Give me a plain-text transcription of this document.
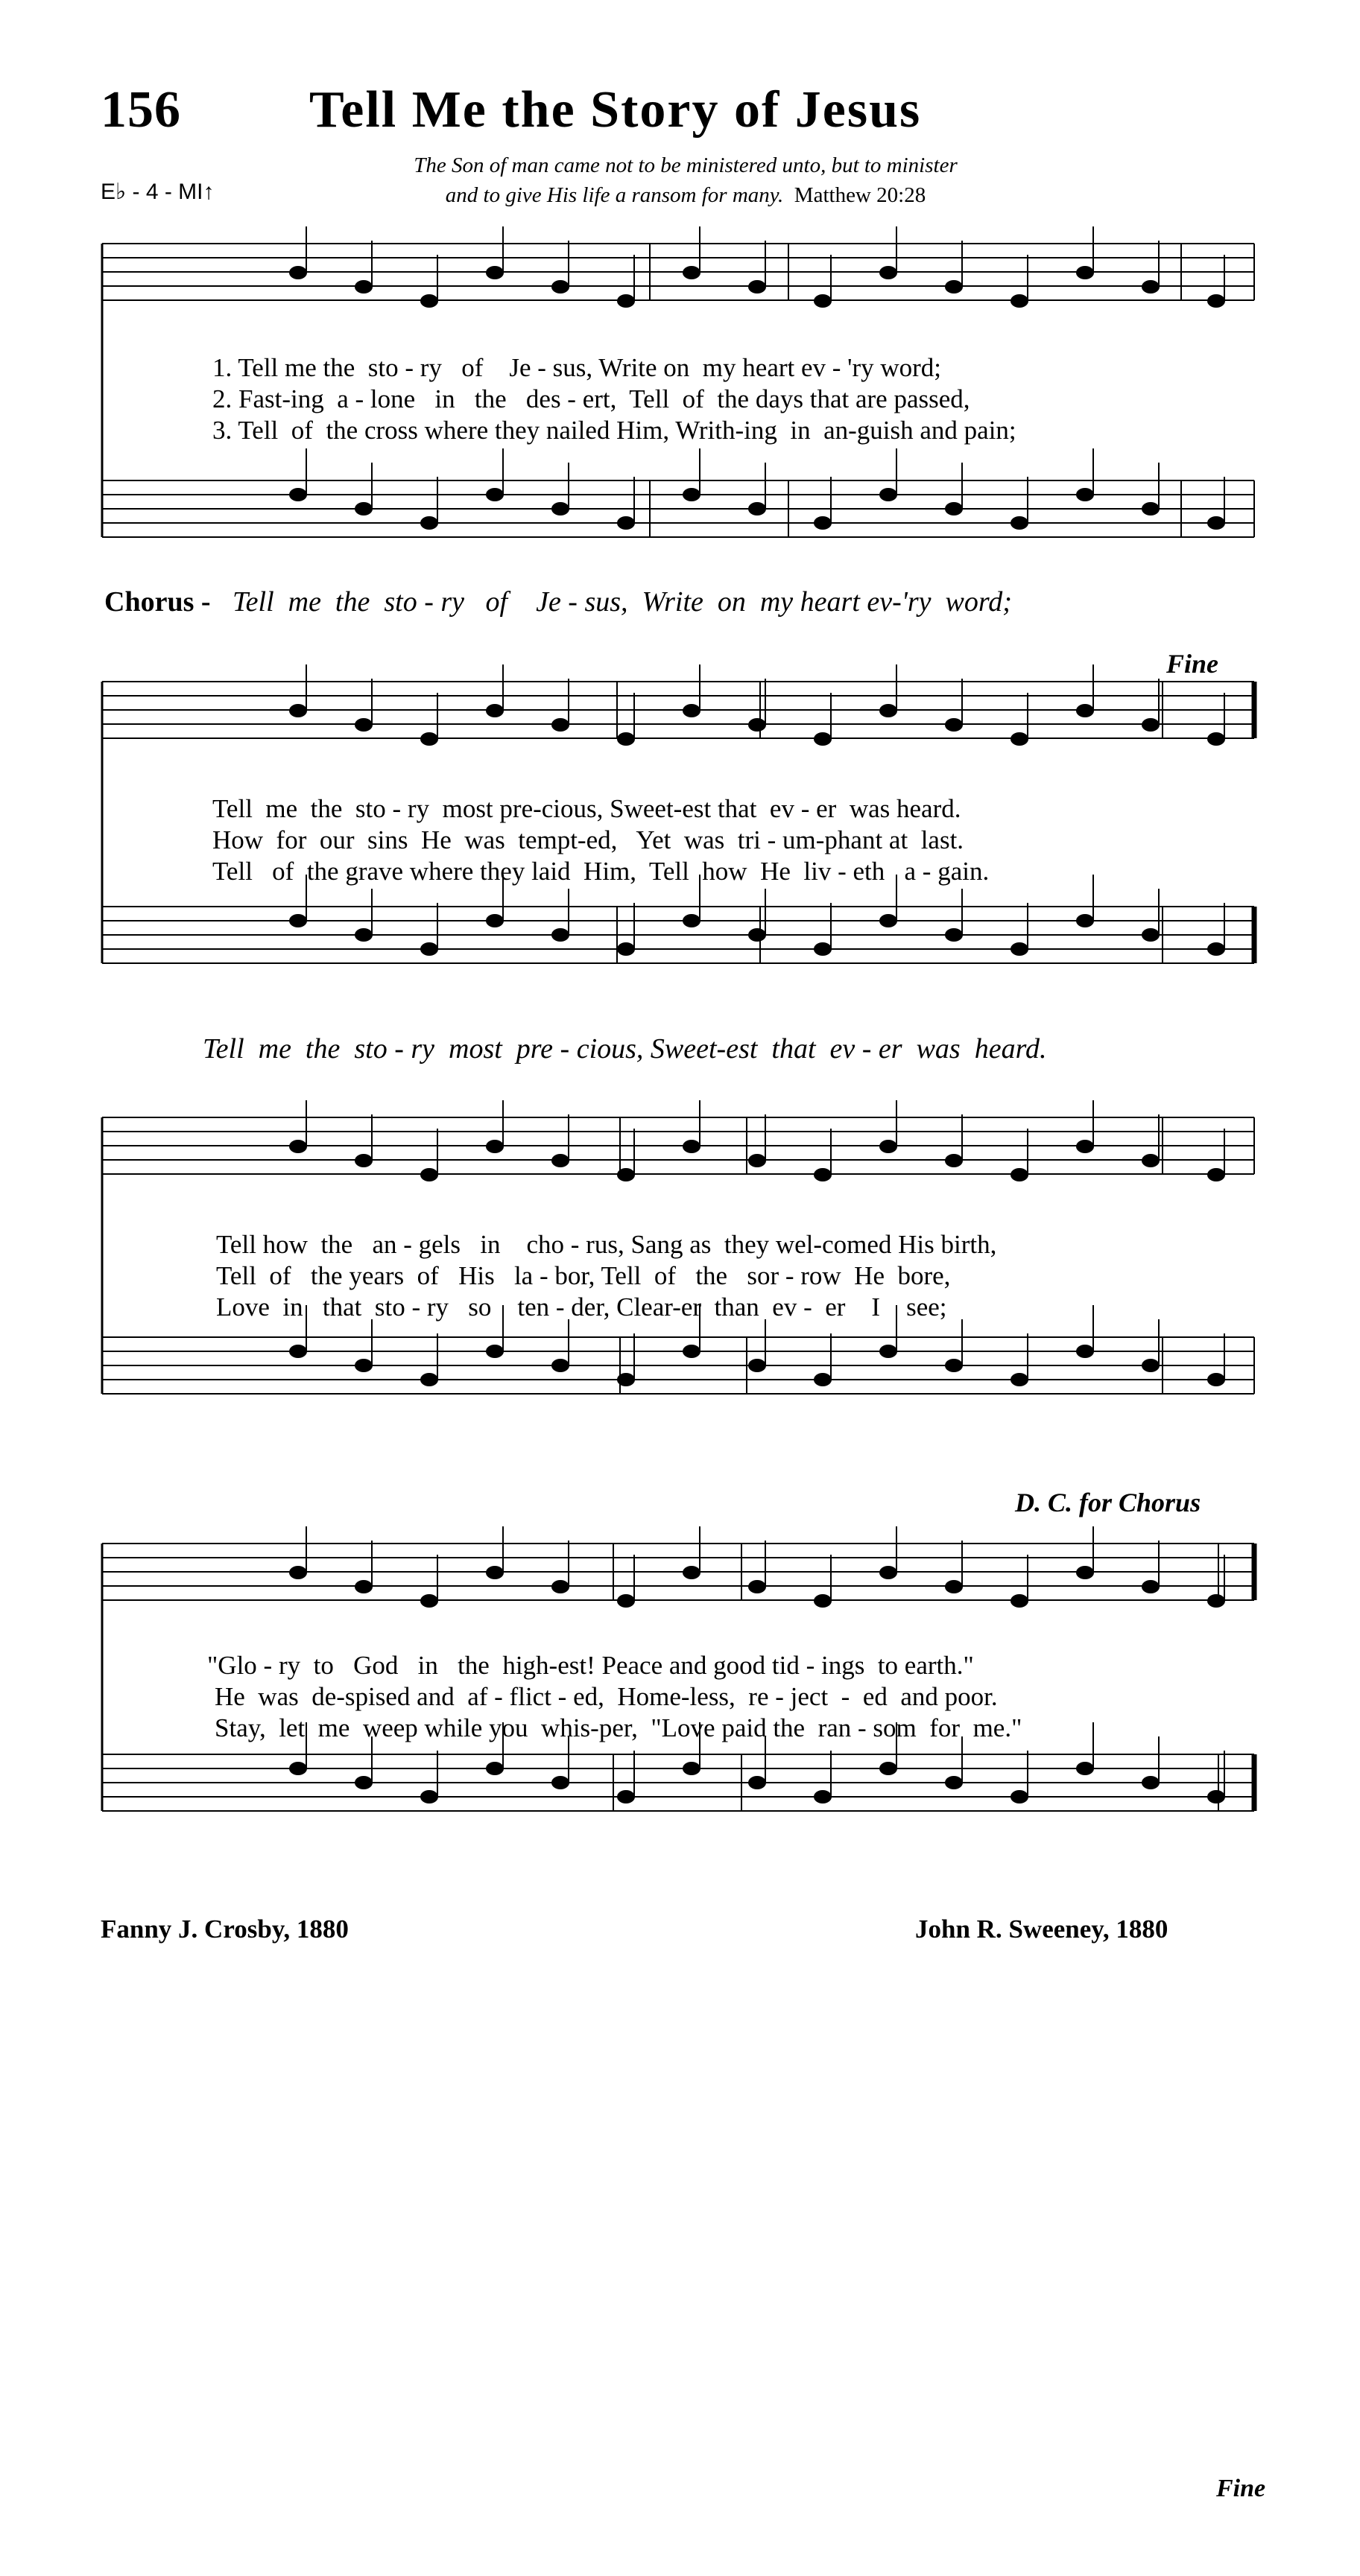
156 Tell Me the Story of Jesus
E♭ - 4 - MI↑
The Son of man came not to be ministered unto, but to minister
and to give His life a ransom for many. Matthew 20:28
1. Tell me the  sto - ry   of    Je - sus, Write on  my heart ev - 'ry word;
2. Fast-ing  a - lone   in   the   des - ert,  Tell  of  the days that are passed,
3. Tell  of  the cross where they nailed Him, Writh-ing  in  an-guish and pain;
Chorus - Tell  me  the  sto - ry   of    Je - sus,  Write  on  my heart ev-'ry  word;
Fine
Tell  me  the  sto - ry  most pre-cious, Sweet-est that  ev - er  was heard.
How  for  our  sins  He  was  tempt-ed,   Yet  was  tri - um-phant at  last.
Tell   of  the grave where they laid  Him,  Tell  how  He  liv - eth   a - gain.
Tell  me  the  sto - ry  most  pre - cious, Sweet-est  that  ev - er  was  heard.
Tell how  the   an - gels   in    cho - rus, Sang as  they wel-comed His birth,
Tell  of   the years  of   His   la - bor, Tell  of   the   sor - row  He  bore,
Love  in   that  sto - ry   so    ten - der, Clear-er  than  ev -  er    I    see;
D. C. for Chorus
"Glo - ry  to   God   in   the  high-est! Peace and good tid - ings  to earth."
He  was  de-spised and  af - flict - ed,  Home-less,  re - ject  -  ed  and poor.
Stay,  let  me  weep while you  whis-per,  "Love paid the  ran - som  for  me."
Fanny J. Crosby, 1880	John R. Sweeney, 1880
Fine
